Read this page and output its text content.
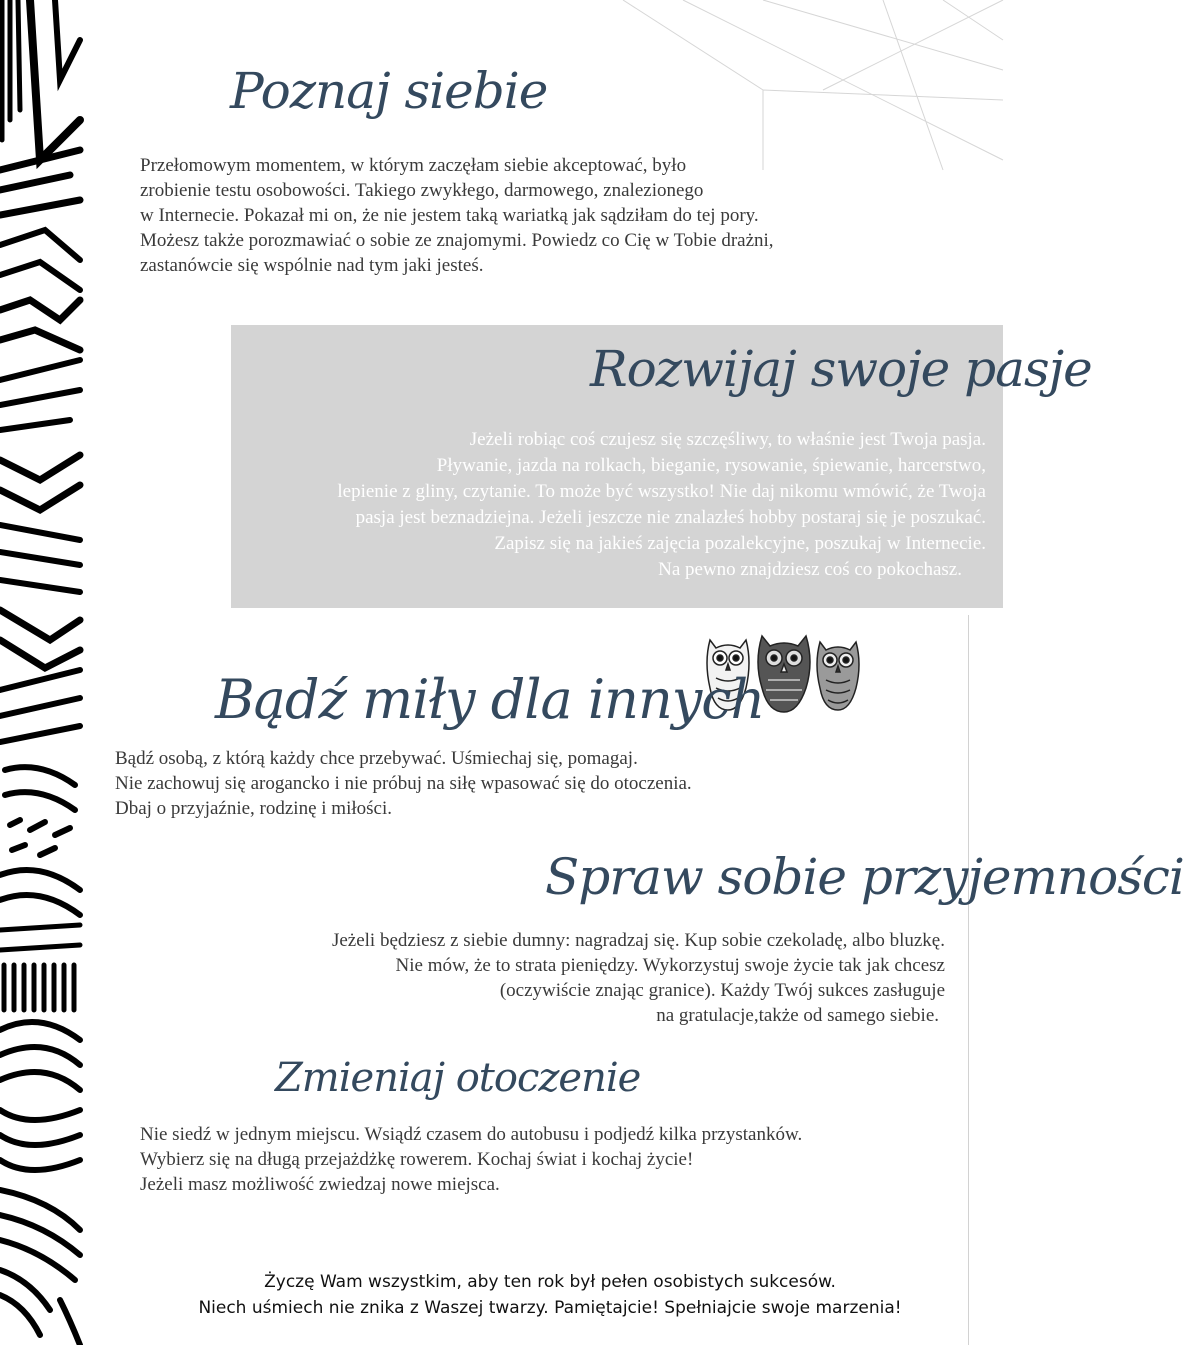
Poznaj siebie
Przełomowym momentem, w którym zaczęłam siebie akceptować, było
zrobienie testu osobowości. Takiego zwykłego, darmowego, znalezionego
w Internecie. Pokazał mi on, że nie jestem taką wariatką jak sądziłam do tej pory.
Możesz także porozmawiać o sobie ze znajomymi. Powiedz co Cię w Tobie drażni,
zastanówcie się wspólnie nad tym jaki jesteś.
Rozwijaj swoje pasje
Jeżeli robiąc coś czujesz się szczęśliwy, to właśnie jest Twoja pasja.
Pływanie, jazda na rolkach, bieganie, rysowanie, śpiewanie, harcerstwo,
lepienie z gliny, czytanie. To może być wszystko! Nie daj nikomu wmówić, że Twoja
pasja jest beznadziejna. Jeżeli jeszcze nie znalazłeś hobby postaraj się je poszukać.
Zapisz się na jakieś zajęcia pozalekcyjne, poszukaj w Internecie.
Na pewno znajdziesz coś co pokochasz.
Bądź miły dla innych
Bądź osobą, z którą każdy chce przebywać. Uśmiechaj się, pomagaj.
Nie zachowuj się arogancko i nie próbuj na siłę wpasować się do otoczenia.
Dbaj o przyjaźnie, rodzinę i miłości.
Spraw sobie przyjemności
Jeżeli będziesz z siebie dumny: nagradzaj się. Kup sobie czekoladę, albo bluzkę.
Nie mów, że to strata pieniędzy. Wykorzystuj swoje życie tak jak chcesz
(oczywiście znając granice). Każdy Twój sukces zasługuje
na gratulacje,także od samego siebie.
Zmieniaj otoczenie
Nie siedź w jednym miejscu. Wsiądź czasem do autobusu i podjedź kilka przystanków.
Wybierz się na długą przejażdżkę rowerem. Kochaj świat i kochaj życie!
Jeżeli masz możliwość zwiedzaj nowe miejsca.
Życzę Wam wszystkim, aby ten rok był pełen osobistych sukcesów.
Niech uśmiech nie znika z Waszej twarzy. Pamiętajcie! Spełniajcie swoje marzenia!
